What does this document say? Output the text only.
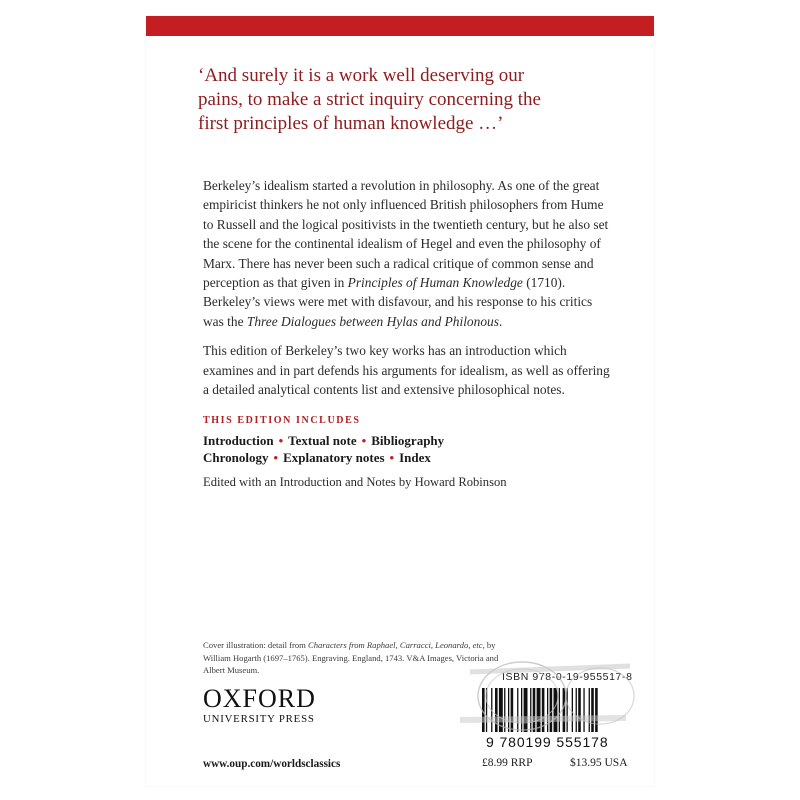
‘And surely it is a work well deserving our
pains, to make a strict inquiry concerning the
first principles of human knowledge …’

Berkeley’s idealism started a revolution in philosophy. As one of the great empiricist thinkers he not only influenced British philosophers from Hume to Russell and the logical positivists in the twentieth century, but he also set the scene for the continental idealism of Hegel and even the philosophy of Marx. There has never been such a radical critique of common sense and perception as that given in Principles of Human Knowledge (1710). Berkeley’s views were met with disfavour, and his response to his critics was the Three Dialogues between Hylas and Philonous.

This edition of Berkeley’s two key works has an introduction which examines and in part defends his arguments for idealism, as well as offering a detailed analytical contents list and extensive philosophical notes.

THIS EDITION INCLUDES
Introduction • Textual note • Bibliography
Chronology • Explanatory notes • Index
Edited with an Introduction and Notes by Howard Robinson
Cover illustration: detail from Characters from Raphael, Carracci, Leonardo, etc, by William Hogarth (1697–1765). Engraving. England, 1743. V&A Images, Victoria and Albert Museum.
OXFORD
UNIVERSITY PRESS
ISBN 978-0-19-955517-8
9 780199 555178
www.oup.com/worldsclassics	£8.99 RRP	$13.95 USA
